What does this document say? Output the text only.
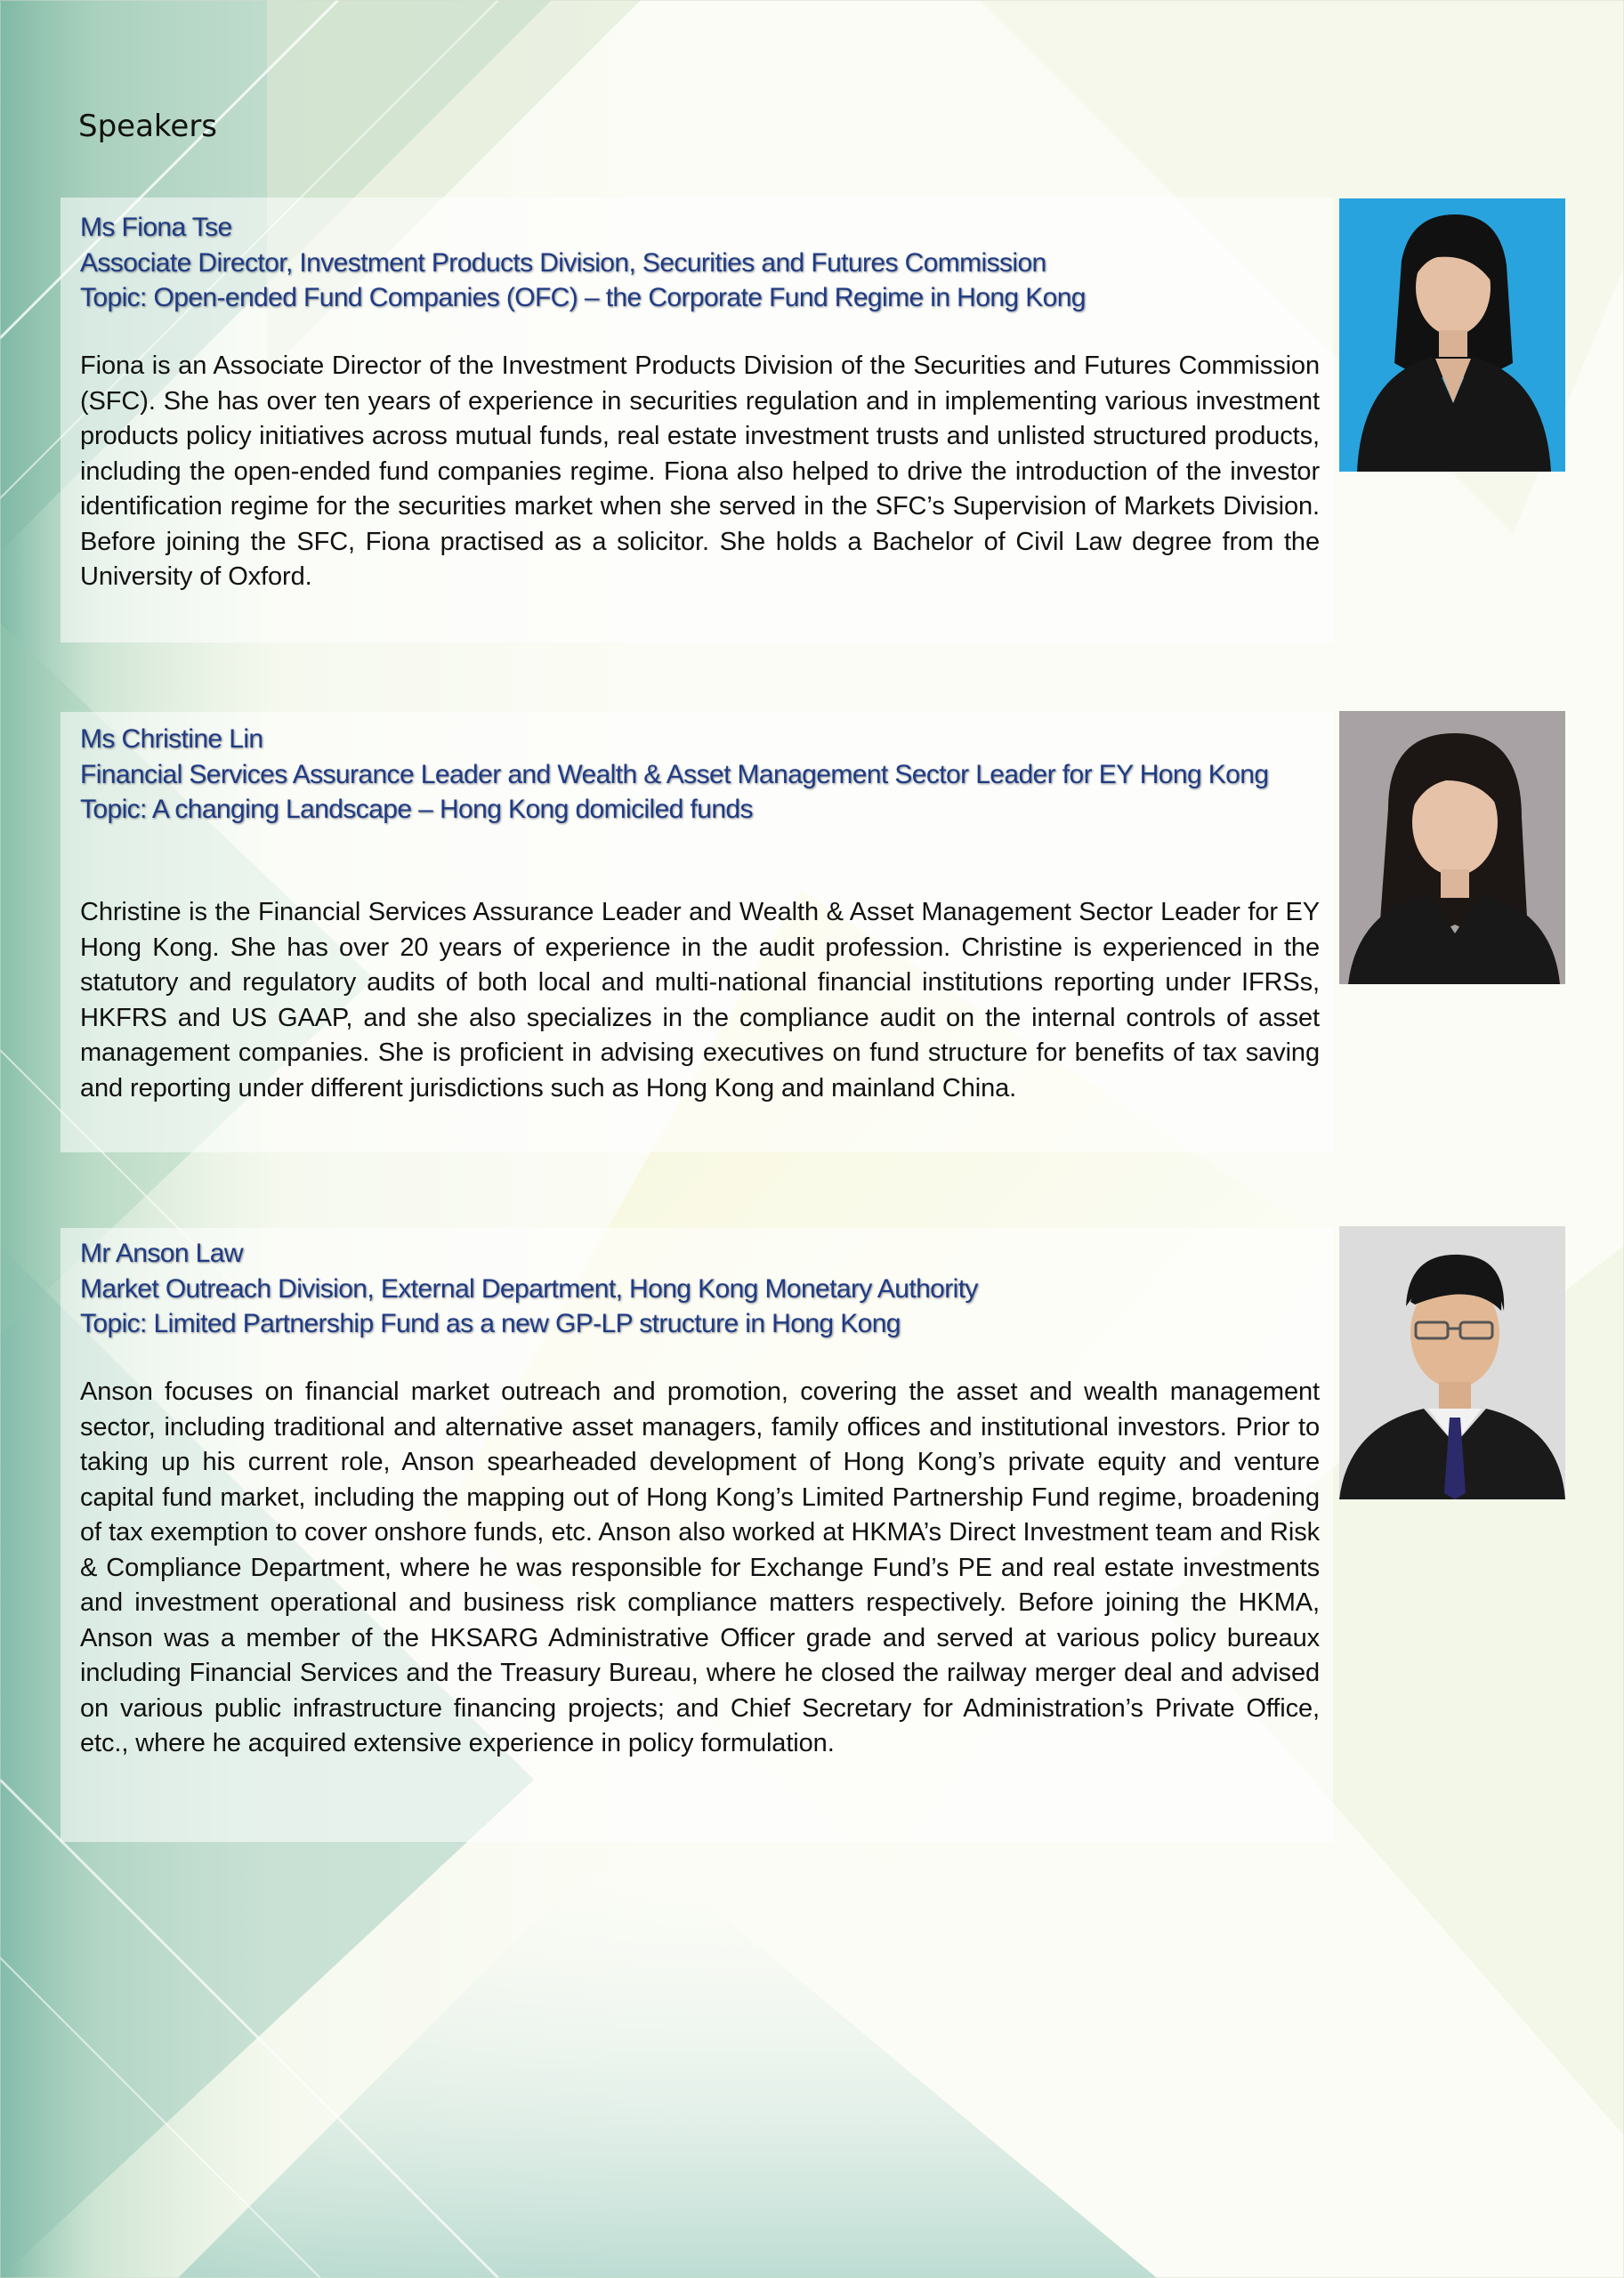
Speakers
Ms Fiona Tse
Associate Director, Investment Products Division, Securities and Futures Commission
Topic: Open-ended Fund Companies (OFC) – the Corporate Fund Regime in Hong Kong

Fiona is an Associate Director of the Investment Products Division of the Securities and Futures Commission (SFC). She has over ten years of experience in securities regulation and in implementing various investment products policy initiatives across mutual funds, real estate investment trusts and unlisted structured products, including the open-ended fund companies regime. Fiona also helped to drive the introduction of the investor identification regime for the securities market when she served in the SFC’s Supervision of Markets Division. Before joining the SFC, Fiona practised as a solicitor. She holds a Bachelor of Civil Law degree from the University of Oxford.

Ms Christine Lin
Financial Services Assurance Leader and Wealth & Asset Management Sector Leader for EY Hong Kong
Topic: A changing Landscape – Hong Kong domiciled funds

Christine is the Financial Services Assurance Leader and Wealth & Asset Management Sector Leader for EY Hong Kong. She has over 20 years of experience in the audit profession. Christine is experienced in the statutory and regulatory audits of both local and multi-national financial institutions reporting under IFRSs, HKFRS and US GAAP, and she also specializes in the compliance audit on the internal controls of asset management companies. She is proficient in advising executives on fund structure for benefits of tax saving and reporting under different jurisdictions such as Hong Kong and mainland China.

Mr Anson Law
Market Outreach Division, External Department, Hong Kong Monetary Authority
Topic: Limited Partnership Fund as a new GP-LP structure in Hong Kong

Anson focuses on financial market outreach and promotion, covering the asset and wealth management sector, including traditional and alternative asset managers, family offices and institutional investors. Prior to taking up his current role, Anson spearheaded development of Hong Kong’s private equity and venture capital fund market, including the mapping out of Hong Kong’s Limited Partnership Fund regime, broadening of tax exemption to cover onshore funds, etc. Anson also worked at HKMA’s Direct Investment team and Risk & Compliance Department, where he was responsible for Exchange Fund’s PE and real estate investments and investment operational and business risk compliance matters respectively. Before joining the HKMA, Anson was a member of the HKSARG Administrative Officer grade and served at various policy bureaux including Financial Services and the Treasury Bureau, where he closed the railway merger deal and advised on various public infrastructure financing projects; and Chief Secretary for Administration’s Private Office, etc., where he acquired extensive experience in policy formulation.
